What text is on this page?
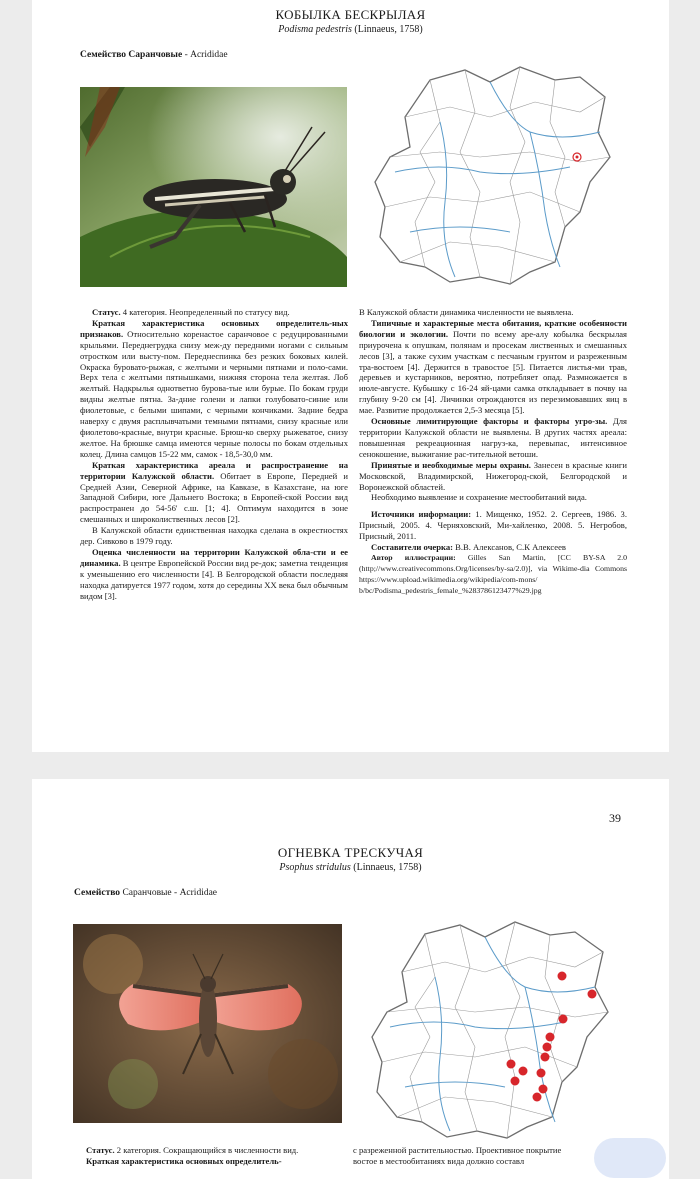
КОБЫЛКА БЕСКРЫЛАЯ
Podisma pedestris (Linnaeus, 1758)
Семейство Саранчовые - Acrididae

Статус. 4 категория. Неопределенный по статусу вид.

Краткая характеристика основных определитель-ных признаков. Относительно коренастое саранчовое с редуцированными крыльями. Переднегрудка снизу меж-ду передними ногами с сильным отростком или высту-пом. Переднеспинка без резких боковых килей. Окраска буровато-рыжая, с желтыми и черными пятнами и поло-сами. Верх тела с желтыми пятнышками, нижняя сторона тела желтая. Лоб желтый. Надкрылья однответно бурова-тые или бурые. По бокам груди видны желтые пятна. За-дние голени и лапки голубовато-синие или фиолетовые, с белыми шипами, с черными кончиками. Задние бедра наверху с двумя расплывчатыми темными пятнами, снизу красные или фиолетово-красные, внутри красные. Брюш-ко сверху рыжеватое, снизу желтое. На брюшке самца имеются черные полосы по бокам отдельных колец. Длина самцов 15-22 мм, самок - 18,5-30,0 мм.

Краткая характеристика ареала и распространение на территории Калужской области. Обитает в Европе, Передней и Средней Азии, Северной Африке, на Кавказе, в Казахстане, на юге Западной Сибири, юге Дальнего Востока; в Европей-ской России вид распространен до 54-56' с.ш. [1; 4]. Оптимум находится в зоне смешанных и широколиственных лесов [2].

В Калужской области единственная находка сделана в окрестностях дер. Сивково в 1979 году.

Оценка численности на территории Калужской обла-сти и ее динамика. В центре Европейской России вид ре-док; заметна тенденция к уменьшению его численности [4]. В Белгородской области последняя находка датируется 1977 годом, хотя до середины XX века был обычным видом [3].

В Калужской области динамика численности не выявлена.

Типичные и характерные места обитания, краткие особенности биологии и экологии. Почти по всему аре-алу кобылка бескрылая приурочена к опушкам, полянам и просекам лиственных и смешанных лесов [3], а также сухим участкам с песчаным грунтом и разреженным тра-востоем [4]. Держится в травостое [5]. Питается листья-ми трав, деревьев и кустарников, вероятно, потребляет опад. Размножается в июле-августе. Кубышку с 16-24 яй-цами самка откладывает в почву на глубину 9-20 см [4]. Личинки отрождаются из перезимовавших яиц в мае. Развитие продолжается 2,5-3 месяца [5].

Основные лимитирующие факторы и факторы угро-зы. Для территории Калужской области не выявлены. В других частях ареала: повышенная рекреационная нагруз-ка, перевыпас, интенсивное сенокошение, выжигание рас-тительной ветоши.

Принятые и необходимые меры охраны. Занесен в красные книги Московской, Владимирской, Нижегород-ской, Белгородской и Воронежской областей.

Необходимо выявление и сохранение местообитаний вида.

Источники информации: 1. Мищенко, 1952. 2. Сергеев, 1986. 3. Присный, 2005. 4. Черняховский, Ми-хайленко, 2008. 5. Негробов, Присный, 2011.

Составители очерка: В.В. Алексанов, С.К Алексеев

Автор иллюстрации: Gilles San Martin, [CC BY-SA 2.0 (http;//www.creativecommons.Org/licenses/by-sa/2.0)], via Wikime-dia Commons https://www.upload.wikimedia.org/wikipedia/com-mons/ b/bc/Podisma_pedestris_female_%283786123477%29.jpg

39
ОГНЕВКА ТРЕСКУЧАЯ
Psophus stridulus (Linnaeus, 1758)
Семейство Саранчовые - Acrididae

Статус. 2 категория. Сокращающийся в численности вид.

Краткая характеристика основных определитель-

с разреженной растительностью. Проективное покрытие

востое в местообитаниях вида должно составл
